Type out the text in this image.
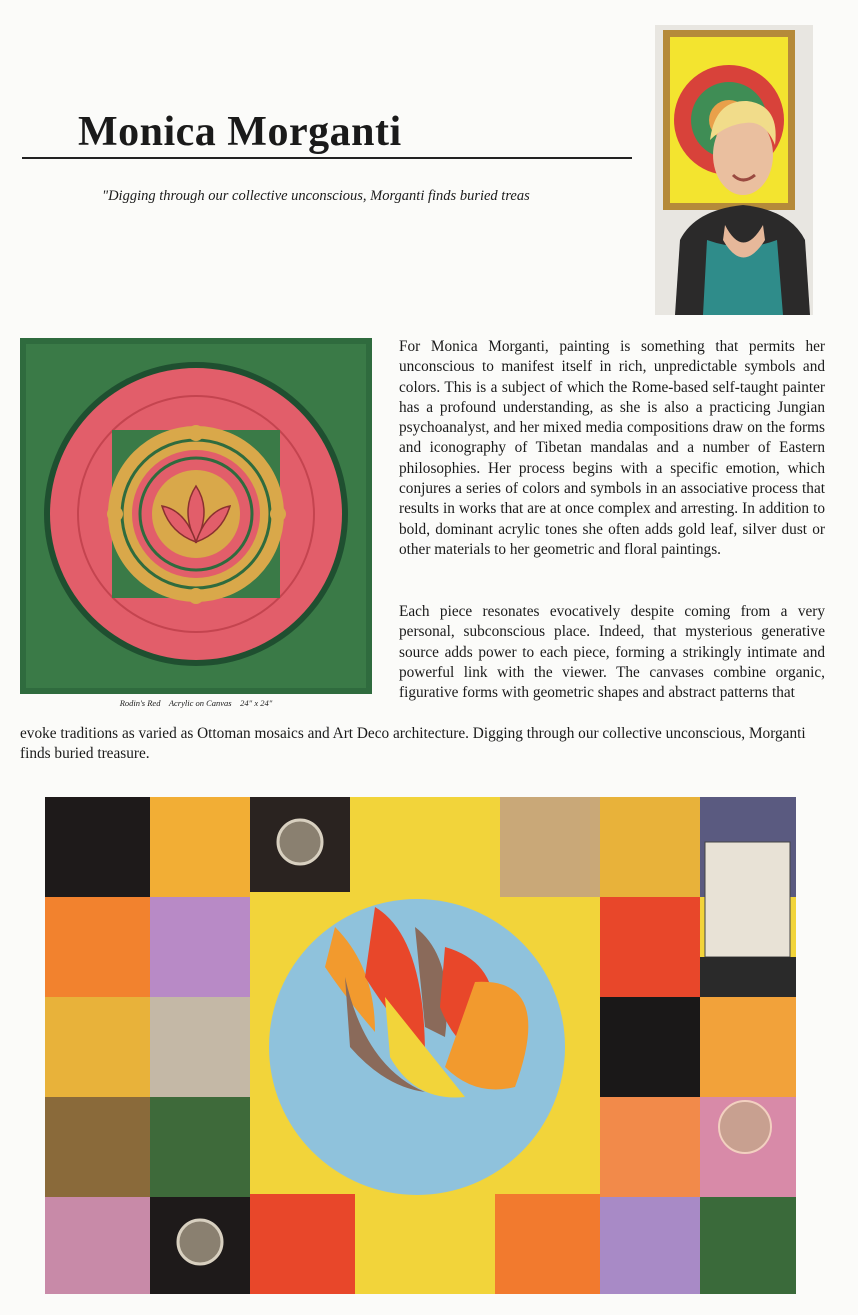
Monica Morganti
"Digging through our collective unconscious, Morganti finds buried treas
Rodin's Red Acrylic on Canvas 24" x 24"
For Monica Morganti, painting is something that permits her unconscious to manifest itself in rich, unpredictable symbols and colors. This is a subject of which the Rome-based self-taught painter has a profound understanding, as she is also a practicing Jungian psychoanalyst, and her mixed media compositions draw on the forms and iconography of Tibetan mandalas and a number of Eastern philosophies. Her process begins with a specific emotion, which conjures a series of colors and symbols in an associative process that results in works that are at once complex and arresting. In addition to bold, dominant acrylic tones she often adds gold leaf, silver dust or other materials to her geometric and floral paintings.
Each piece resonates evocatively despite coming from a very personal, subconscious place. Indeed, that mysterious generative source adds power to each piece, forming a strikingly intimate and powerful link with the viewer. The canvases combine organic, figurative forms with geometric shapes and abstract patterns that
evoke traditions as varied as Ottoman mosaics and Art Deco architecture. Digging through our collective unconscious, Morganti finds buried treasure.
